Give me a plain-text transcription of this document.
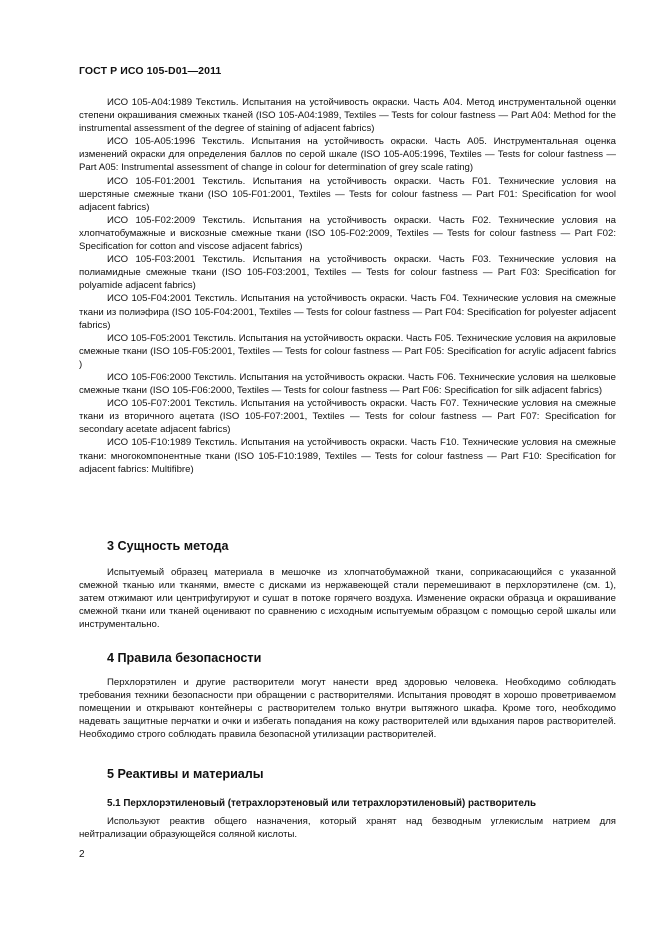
ГОСТ Р ИСО 105-D01—2011

ИСО 105-A04:1989 Текстиль. Испытания на устойчивость окраски. Часть A04. Метод инструментальной оценки степени окрашивания смежных тканей (ISO 105-A04:1989, Textiles — Tests for colour fastness — Part A04: Method for the instrumental assessment of the degree of staining of adjacent fabrics)

ИСО 105-A05:1996 Текстиль. Испытания на устойчивость окраски. Часть A05. Инструментальная оценка изменений окраски для определения баллов по серой шкале (ISO 105-A05:1996, Textiles — Tests for colour fastness — Part A05: Instrumental assessment of change in colour for determination of grey scale rating)

ИСО 105-F01:2001 Текстиль. Испытания на устойчивость окраски. Часть F01. Технические условия на шерстяные смежные ткани (ISO 105-F01:2001, Textiles — Tests for colour fastness — Part F01: Specification for wool adjacent fabrics)

ИСО 105-F02:2009 Текстиль. Испытания на устойчивость окраски. Часть F02. Технические условия на хлопчатобумажные и вискозные смежные ткани (ISO 105-F02:2009, Textiles — Tests for colour fastness — Part F02: Specification for cotton and viscose adjacent fabrics)

ИСО 105-F03:2001 Текстиль. Испытания на устойчивость окраски. Часть F03. Технические условия на полиамидные смежные ткани (ISO 105-F03:2001, Textiles — Tests for colour fastness — Part F03: Specification for polyamide adjacent fabrics)

ИСО 105-F04:2001 Текстиль. Испытания на устойчивость окраски. Часть F04. Технические условия на смежные ткани из полиэфира (ISO 105-F04:2001, Textiles — Tests for colour fastness — Part F04: Specification for polyester adjacent fabrics)

ИСО 105-F05:2001 Текстиль. Испытания на устойчивость окраски. Часть F05. Технические условия на акриловые смежные ткани (ISO 105-F05:2001, Textiles — Tests for colour fastness — Part F05: Specification for acrylic adjacent fabrics )

ИСО 105-F06:2000 Текстиль. Испытания на устойчивость окраски. Часть F06. Технические условия на шелковые смежные ткани (ISO 105-F06:2000, Textiles — Tests for colour fastness — Part F06: Specification for silk adjacent fabrics)

ИСО 105-F07:2001 Текстиль. Испытания на устойчивость окраски. Часть F07. Технические условия на смежные ткани из вторичного ацетата (ISO 105-F07:2001, Textiles — Tests for colour fastness — Part F07: Specification for secondary acetate adjacent fabrics)

ИСО 105-F10:1989 Текстиль. Испытания на устойчивость окраски. Часть F10. Технические условия на смежные ткани: многокомпонентные ткани (ISO 105-F10:1989, Textiles — Tests for colour fastness — Part F10: Specification for adjacent fabrics: Multifibre)

3 Сущность метода

Испытуемый образец материала в мешочке из хлопчатобумажной ткани, соприкасающийся с указанной смежной тканью или тканями, вместе с дисками из нержавеющей стали перемешивают в перхлорэтилене (см. 1), затем отжимают или центрифугируют и сушат в потоке горячего воздуха. Изменение окраски образца и окрашивание смежной ткани или тканей оценивают по сравнению с исходным испытуемым образцом с помощью серой шкалы или инструментально.

4 Правила безопасности

Перхлорэтилен и другие растворители могут нанести вред здоровью человека. Необходимо соблюдать требования техники безопасности при обращении с растворителями. Испытания проводят в хорошо проветриваемом помещении и открывают контейнеры с растворителем только внутри вытяжного шкафа. Кроме того, необходимо надевать защитные перчатки и очки и избегать попадания на кожу растворителей или вдыхания паров растворителей. Необходимо строго соблюдать правила безопасной утилизации растворителей.

5 Реактивы и материалы

5.1 Перхлорэтиленовый (тетрахлорэтеновый или тетрахлорэтиленовый) растворитель

Используют реактив общего назначения, который хранят над безводным углекислым натрием для нейтрализации образующейся соляной кислоты.

2
